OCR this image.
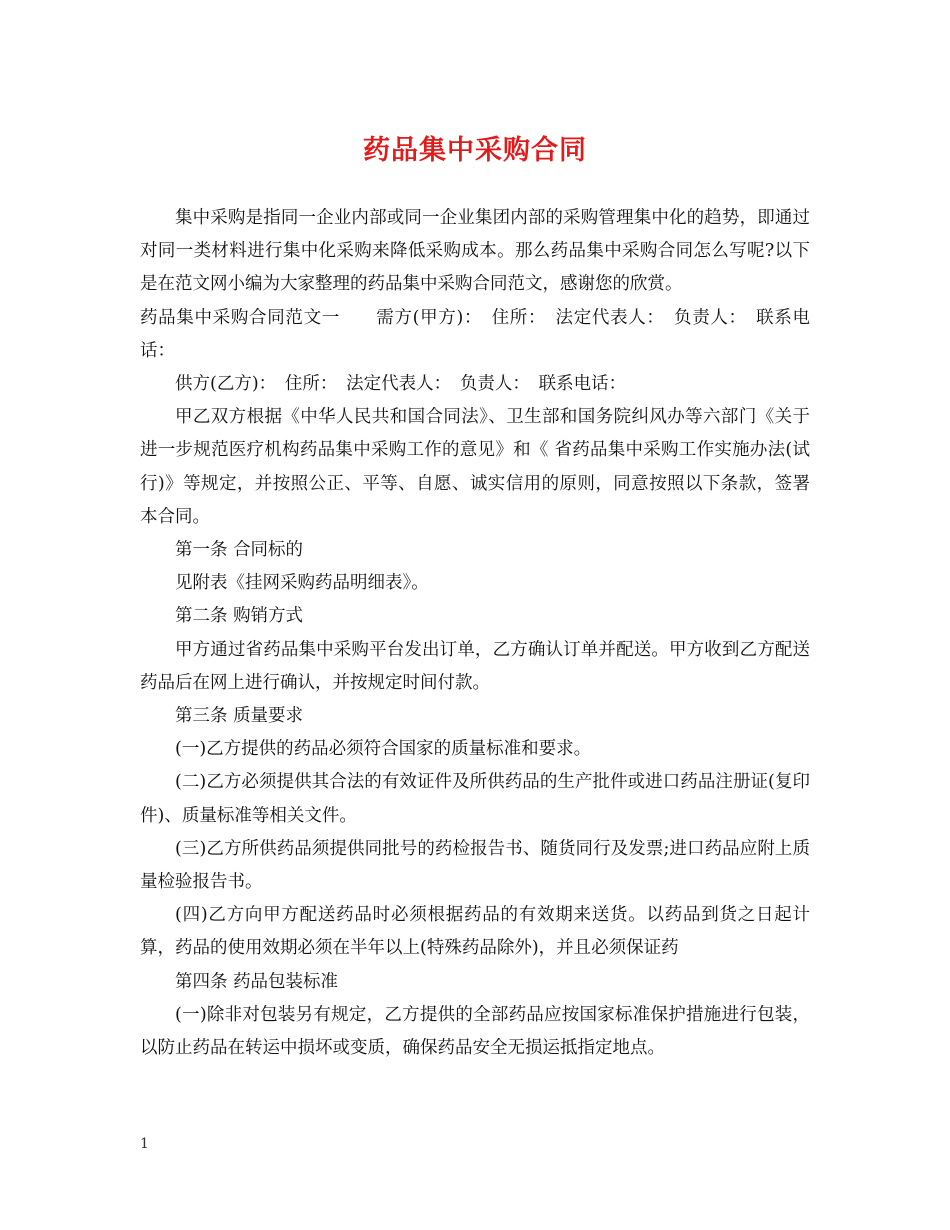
药品集中采购合同

集中采购是指同一企业内部或同一企业集团内部的采购管理集中化的趋势，即通过对同一类材料进行集中化采购来降低采购成本。那么药品集中采购合同怎么写呢?以下是在范文网小编为大家整理的药品集中采购合同范文，感谢您的欣赏。

药品集中采购合同范文一　　需方(甲方)：　住所：　法定代表人：　负责人：　联系电话：

供方(乙方)：　住所：　法定代表人：　负责人：　联系电话：

甲乙双方根据《中华人民共和国合同法》、卫生部和国务院纠风办等六部门《关于进一步规范医疗机构药品集中采购工作的意见》和《 省药品集中采购工作实施办法(试行)》等规定，并按照公正、平等、自愿、诚实信用的原则，同意按照以下条款，签署本合同。

第一条 合同标的

见附表《挂网采购药品明细表》。

第二条 购销方式

甲方通过省药品集中采购平台发出订单，乙方确认订单并配送。甲方收到乙方配送药品后在网上进行确认，并按规定时间付款。

第三条 质量要求

(一)乙方提供的药品必须符合国家的质量标准和要求。

(二)乙方必须提供其合法的有效证件及所供药品的生产批件或进口药品注册证(复印件)、质量标准等相关文件。

(三)乙方所供药品须提供同批号的药检报告书、随货同行及发票;进口药品应附上质量检验报告书。

(四)乙方向甲方配送药品时必须根据药品的有效期来送货。以药品到货之日起计算，药品的使用效期必须在半年以上(特殊药品除外)，并且必须保证药

第四条 药品包装标准

(一)除非对包装另有规定，乙方提供的全部药品应按国家标准保护措施进行包装，以防止药品在转运中损坏或变质，确保药品安全无损运抵指定地点。

1
